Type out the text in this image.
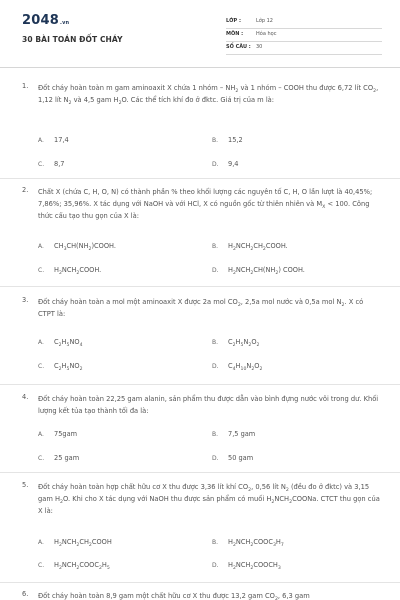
2048.vn
30 BÀI TOÁN ĐỐT CHÁY
LỚP :	Lớp 12
MÔN :	Hóa học
SỐ CÂU : 30
1. Đốt cháy hoàn toàn m gam aminoaxit X chứa 1 nhóm – $NH_2$ và 1 nhóm – COOH thu được 6,72 lít $CO_2$, 1,12 lít $N_2$ và 4,5 gam $H_2O$. Các thể tích khí đo ở đktc. Giá trị của m là:
A. 17,4	B. 15,2
C. 8,7	D. 9,4
2. Chất X (chứa C, H, O, N) có thành phần % theo khối lượng các nguyên tố C, H, O lần lượt là 40,45%; 7,86%; 35,96%. X tác dụng với NaOH và với HCl, X có nguồn gốc từ thiên nhiên và $M_X < 100$. Công thức cấu tạo thu gọn của X là:
A. $CH_3CH(NH_2)COOH$.	B. $H_2NCH_2CH_2COOH$.
C. $H_2NCH_2COOH$.	D. $H_2NCH_2CH(NH_2)$ COOH.
3. Đốt cháy hoàn toàn a mol một aminoaxit X được 2a mol $CO_2$, 2,5a mol nước và 0,5a mol $N_2$. X có CTPT là:
A. $C_2H_5NO_4$	B. $C_2H_5N_2O_2$
C. $C_2H_5NO_2$	D. $C_4H_{10}N_2O_2$
4. Đốt cháy hoàn toàn 22,25 gam alanin, sản phẩm thu được dẫn vào bình đựng nước vôi trong dư. Khối lượng kết tủa tạo thành tối đa là:
A. 75gam	B. 7,5 gam
C. 25 gam	D. 50 gam
5. Đốt cháy hoàn toàn hợp chất hữu cơ X thu được 3,36 lít khí $CO_2$, 0,56 lít $N_2$ (đều đo ở đktc) và 3,15 gam $H_2O$. Khi cho X tác dụng với NaOH thu được sản phẩm có muối $H_2NCH_2COONa$. CTCT thu gọn của X là:
A. $H_2NCH_2CH_2COOH$	B. $H_2NCH_2COOC_3H_7$
C. $H_2NCH_2COOC_2H_5$	D. $H_2NCH_2COOCH_3$
6. Đốt cháy hoàn toàn 8,9 gam một chất hữu cơ X thu được 13,2 gam $CO_2$, 6,3 gam
